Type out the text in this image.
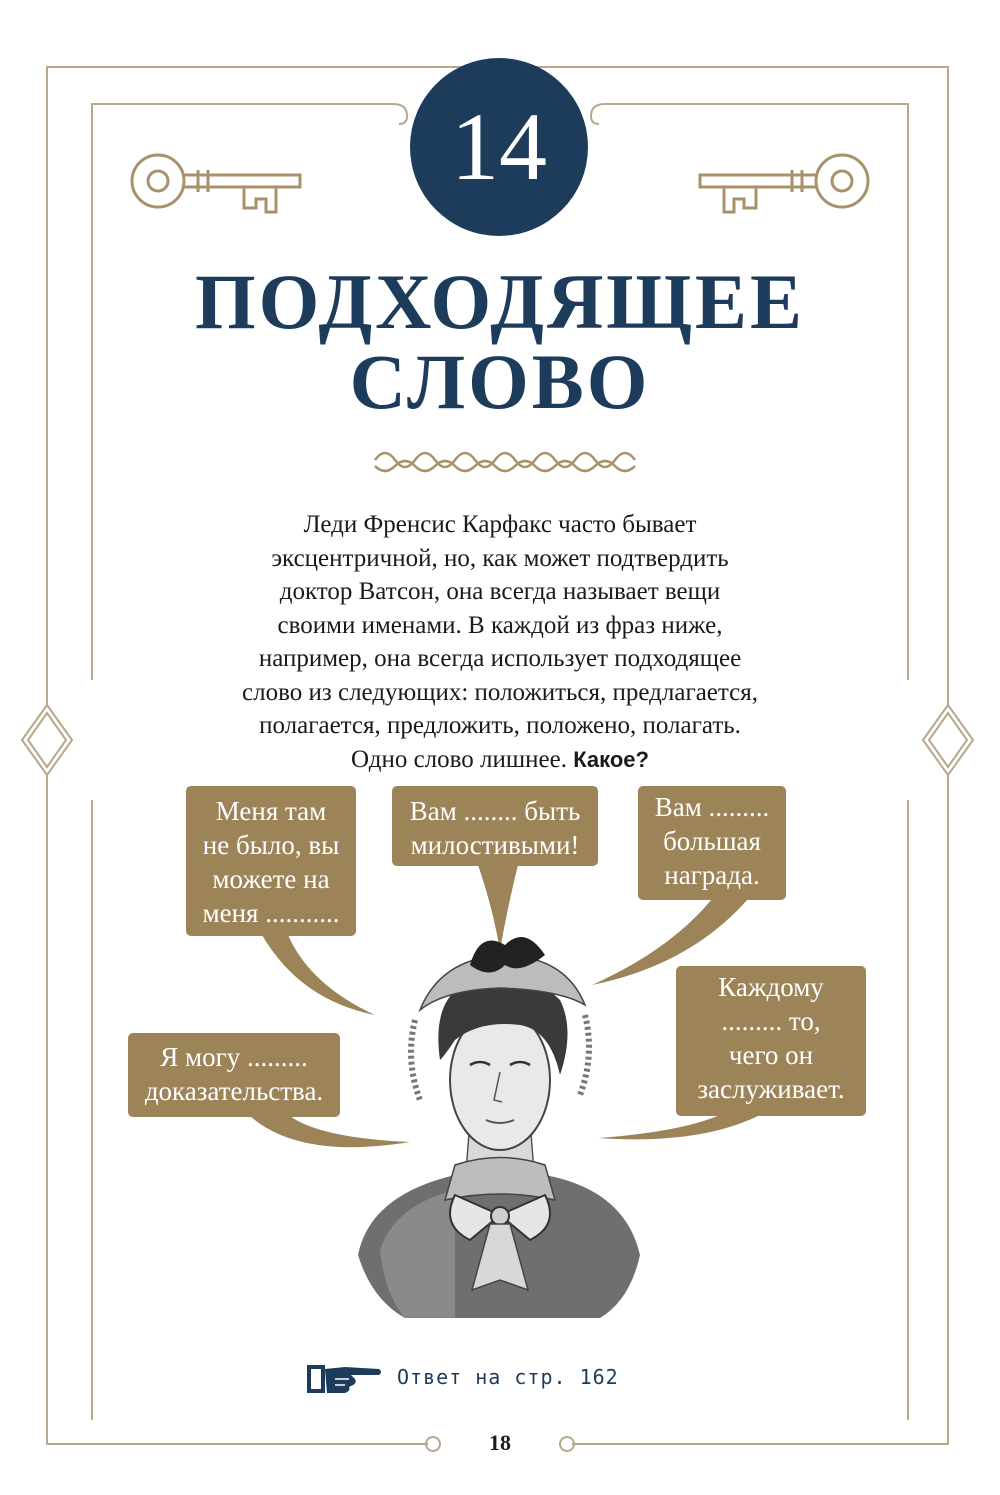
14
ПОДХОДЯЩЕЕ
СЛОВО

Леди Френсис Карфакс часто бывает

эксцентричной, но, как может подтвердить

доктор Ватсон, она всегда называет вещи

своими именами. В каждой из фраз ниже,

например, она всегда использует подходящее

слово из следующих: положиться, предлагается,

полагается, предложить, положено, полагать.

Одно слово лишнее. Какое?

Меня там

не было, вы

можете на

меня ...........

Вам ........ быть

милостивыми!

Вам .........

большая

награда.

Каждому

......... то,

чего он

заслуживает.

Я могу .........

доказательства.

Ответ на стр. 162
18
